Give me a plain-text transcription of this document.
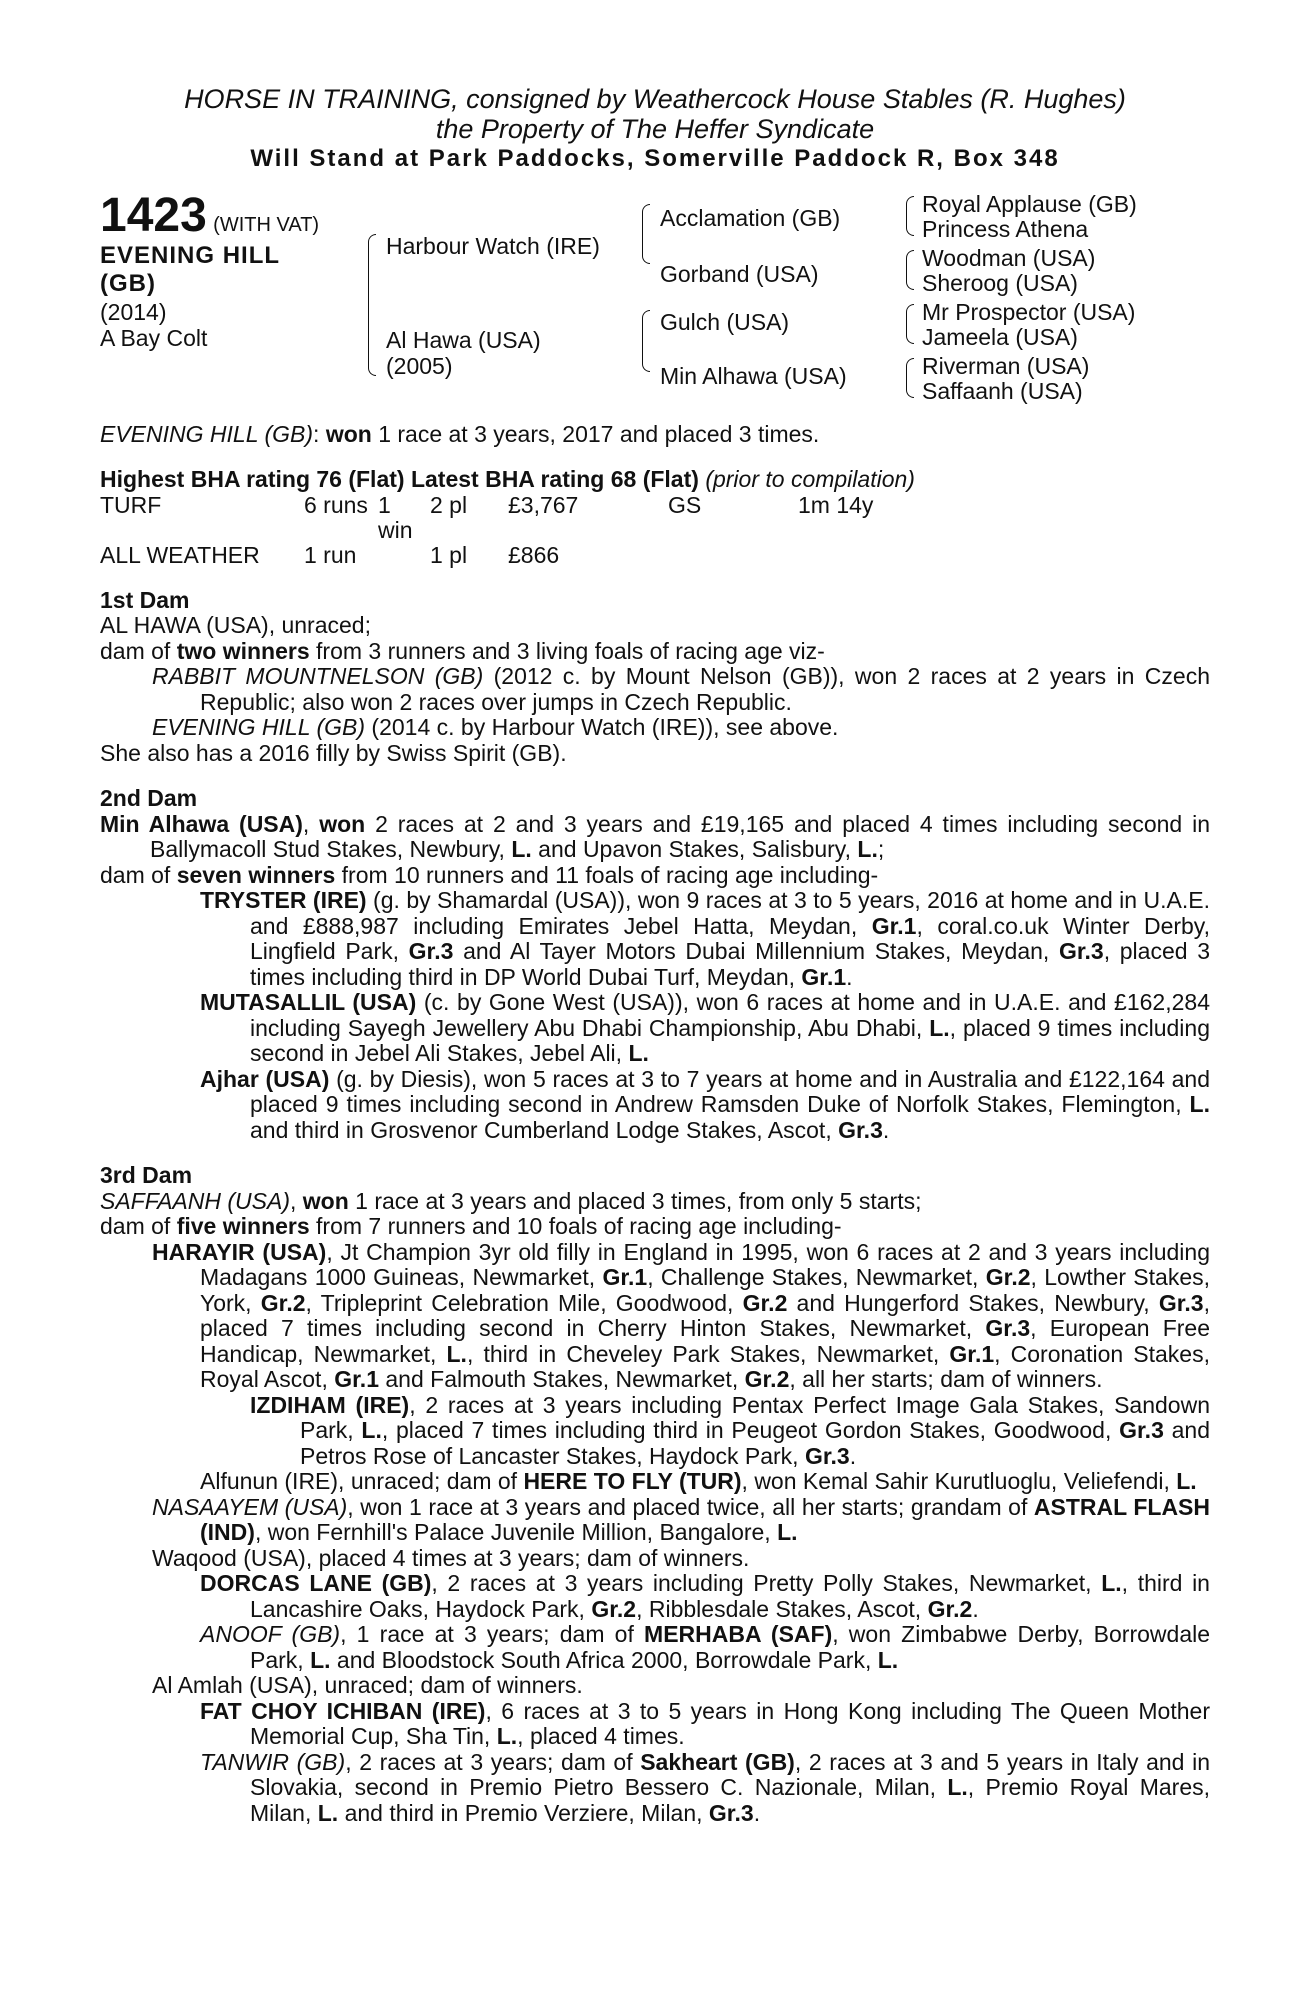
HORSE IN TRAINING, consigned by Weathercock House Stables (R. Hughes)
the Property of The Heffer Syndicate
Will Stand at Park Paddocks, Somerville Paddock R, Box 348
1423 (WITH VAT)
EVENING HILL
(GB)
(2014)
A Bay Colt
Harbour Watch (IRE)
Al Hawa (USA)
(2005)
Acclamation (GB)
Gorband (USA)
Gulch (USA)
Min Alhawa (USA)
Royal Applause (GB)
Princess Athena
Woodman (USA)
Sheroog (USA)
Mr Prospector (USA)
Jameela (USA)
Riverman (USA)
Saffaanh (USA)

EVENING HILL (GB): won 1 race at 3 years, 2017 and placed 3 times.

Highest BHA rating 76 (Flat) Latest BHA rating 68 (Flat) (prior to compilation)

TURF	6 runs	1 win	2 pl	£3,767	GS	1m 14y
ALL WEATHER	1 run		1 pl	£866		
1st Dam

AL HAWA (USA), unraced;

dam of two winners from 3 runners and 3 living foals of racing age viz-

RABBIT MOUNTNELSON (GB) (2012 c. by Mount Nelson (GB)), won 2 races at 2 years in Czech Republic; also won 2 races over jumps in Czech Republic.

EVENING HILL (GB) (2014 c. by Harbour Watch (IRE)), see above.

She also has a 2016 filly by Swiss Spirit (GB).

2nd Dam

Min Alhawa (USA), won 2 races at 2 and 3 years and £19,165 and placed 4 times including second in Ballymacoll Stud Stakes, Newbury, L. and Upavon Stakes, Salisbury, L.;

dam of seven winners from 10 runners and 11 foals of racing age including-

TRYSTER (IRE) (g. by Shamardal (USA)), won 9 races at 3 to 5 years, 2016 at home and in U.A.E. and £888,987 including Emirates Jebel Hatta, Meydan, Gr.1, coral.co.uk Winter Derby, Lingfield Park, Gr.3 and Al Tayer Motors Dubai Millennium Stakes, Meydan, Gr.3, placed 3 times including third in DP World Dubai Turf, Meydan, Gr.1.

MUTASALLIL (USA) (c. by Gone West (USA)), won 6 races at home and in U.A.E. and £162,284 including Sayegh Jewellery Abu Dhabi Championship, Abu Dhabi, L., placed 9 times including second in Jebel Ali Stakes, Jebel Ali, L.

Ajhar (USA) (g. by Diesis), won 5 races at 3 to 7 years at home and in Australia and £122,164 and placed 9 times including second in Andrew Ramsden Duke of Norfolk Stakes, Flemington, L. and third in Grosvenor Cumberland Lodge Stakes, Ascot, Gr.3.

3rd Dam

SAFFAANH (USA), won 1 race at 3 years and placed 3 times, from only 5 starts;

dam of five winners from 7 runners and 10 foals of racing age including-

HARAYIR (USA), Jt Champion 3yr old filly in England in 1995, won 6 races at 2 and 3 years including Madagans 1000 Guineas, Newmarket, Gr.1, Challenge Stakes, Newmarket, Gr.2, Lowther Stakes, York, Gr.2, Tripleprint Celebration Mile, Goodwood, Gr.2 and Hungerford Stakes, Newbury, Gr.3, placed 7 times including second in Cherry Hinton Stakes, Newmarket, Gr.3, European Free Handicap, Newmarket, L., third in Cheveley Park Stakes, Newmarket, Gr.1, Coronation Stakes, Royal Ascot, Gr.1 and Falmouth Stakes, Newmarket, Gr.2, all her starts; dam of winners.

IZDIHAM (IRE), 2 races at 3 years including Pentax Perfect Image Gala Stakes, Sandown Park, L., placed 7 times including third in Peugeot Gordon Stakes, Goodwood, Gr.3 and Petros Rose of Lancaster Stakes, Haydock Park, Gr.3.

Alfunun (IRE), unraced; dam of HERE TO FLY (TUR), won Kemal Sahir Kurutluoglu, Veliefendi, L.

NASAAYEM (USA), won 1 race at 3 years and placed twice, all her starts; grandam of ASTRAL FLASH (IND), won Fernhill's Palace Juvenile Million, Bangalore, L.

Waqood (USA), placed 4 times at 3 years; dam of winners.

DORCAS LANE (GB), 2 races at 3 years including Pretty Polly Stakes, Newmarket, L., third in Lancashire Oaks, Haydock Park, Gr.2, Ribblesdale Stakes, Ascot, Gr.2.

ANOOF (GB), 1 race at 3 years; dam of MERHABA (SAF), won Zimbabwe Derby, Borrowdale Park, L. and Bloodstock South Africa 2000, Borrowdale Park, L.

Al Amlah (USA), unraced; dam of winners.

FAT CHOY ICHIBAN (IRE), 6 races at 3 to 5 years in Hong Kong including The Queen Mother Memorial Cup, Sha Tin, L., placed 4 times.

TANWIR (GB), 2 races at 3 years; dam of Sakheart (GB), 2 races at 3 and 5 years in Italy and in Slovakia, second in Premio Pietro Bessero C. Nazionale, Milan, L., Premio Royal Mares, Milan, L. and third in Premio Verziere, Milan, Gr.3.
